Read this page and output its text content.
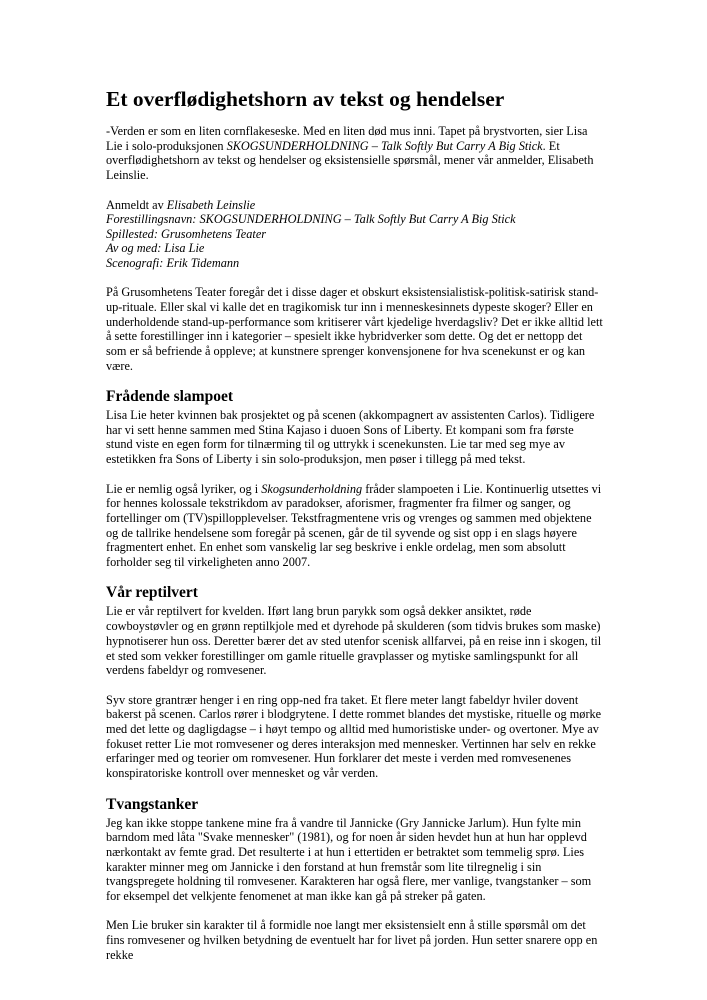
Et overflødighetshorn av tekst og hendelser

-Verden er som en liten cornflakeseske. Med en liten død mus inni. Tapet på brystvorten, sier Lisa Lie i solo-produksjonen SKOGSUNDERHOLDNING – Talk Softly But Carry A Big Stick. Et overflødighetshorn av tekst og hendelser og eksistensielle spørsmål, mener vår anmelder, Elisabeth Leinslie.

Anmeldt av Elisabeth Leinslie
Forestillingsnavn: SKOGSUNDERHOLDNING – Talk Softly But Carry A Big Stick
Spillested: Grusomhetens Teater
Av og med: Lisa Lie
Scenografi: Erik Tidemann

På Grusomhetens Teater foregår det i disse dager et obskurt eksistensialistisk-politisk-satirisk stand-up-rituale. Eller skal vi kalle det en tragikomisk tur inn i menneskesinnets dypeste skoger? Eller en underholdende stand-up-performance som kritiserer vårt kjedelige hverdagsliv? Det er ikke alltid lett å sette forestillinger inn i kategorier – spesielt ikke hybridverker som dette. Og det er nettopp det som er så befriende å oppleve; at kunstnere sprenger konvensjonene for hva scenekunst er og kan være.

Frådende slampoet

Lisa Lie heter kvinnen bak prosjektet og på scenen (akkompagnert av assistenten Carlos). Tidligere har vi sett henne sammen med Stina Kajaso i duoen Sons of Liberty. Et kompani som fra første stund viste en egen form for tilnærming til og uttrykk i scenekunsten. Lie tar med seg mye av estetikken fra Sons of Liberty i sin solo-produksjon, men pøser i tillegg på med tekst.

Lie er nemlig også lyriker, og i Skogsunderholdning fråder slampoeten i Lie. Kontinuerlig utsettes vi for hennes kolossale tekstrikdom av paradokser, aforismer, fragmenter fra filmer og sanger, og fortellinger om (TV)spillopplevelser. Tekstfragmentene vris og vrenges og sammen med objektene og de tallrike hendelsene som foregår på scenen, går de til syvende og sist opp i en slags høyere fragmentert enhet. En enhet som vanskelig lar seg beskrive i enkle ordelag, men som absolutt forholder seg til virkeligheten anno 2007.

Vår reptilvert

Lie er vår reptilvert for kvelden. Iført lang brun parykk som også dekker ansiktet, røde cowboystøvler og en grønn reptilkjole med et dyrehode på skulderen (som tidvis brukes som maske) hypnotiserer hun oss. Deretter bærer det av sted utenfor scenisk allfarvei, på en reise inn i skogen, til et sted som vekker forestillinger om gamle rituelle gravplasser og mytiske samlingspunkt for all verdens fabeldyr og romvesener.

Syv store grantrær henger i en ring opp-ned fra taket. Et flere meter langt fabeldyr hviler dovent bakerst på scenen. Carlos rører i blodgrytene. I dette rommet blandes det mystiske, rituelle og mørke med det lette og dagligdagse – i høyt tempo og alltid med humoristiske under- og overtoner. Mye av fokuset retter Lie mot romvesener og deres interaksjon med mennesker. Vertinnen har selv en rekke erfaringer med og teorier om romvesener. Hun forklarer det meste i verden med romvesenenes konspiratoriske kontroll over mennesket og vår verden.

Tvangstanker

Jeg kan ikke stoppe tankene mine fra å vandre til Jannicke (Gry Jannicke Jarlum). Hun fylte min barndom med låta "Svake mennesker" (1981), og for noen år siden hevdet hun at hun har opplevd nærkontakt av femte grad. Det resulterte i at hun i ettertiden er betraktet som temmelig sprø. Lies karakter minner meg om Jannicke i den forstand at hun fremstår som lite tilregnelig i sin tvangspregete holdning til romvesener. Karakteren har også flere, mer vanlige, tvangstanker – som for eksempel det velkjente fenomenet at man ikke kan gå på streker på gaten.

Men Lie bruker sin karakter til å formidle noe langt mer eksistensielt enn å stille spørsmål om det fins romvesener og hvilken betydning de eventuelt har for livet på jorden. Hun setter snarere opp en rekke
